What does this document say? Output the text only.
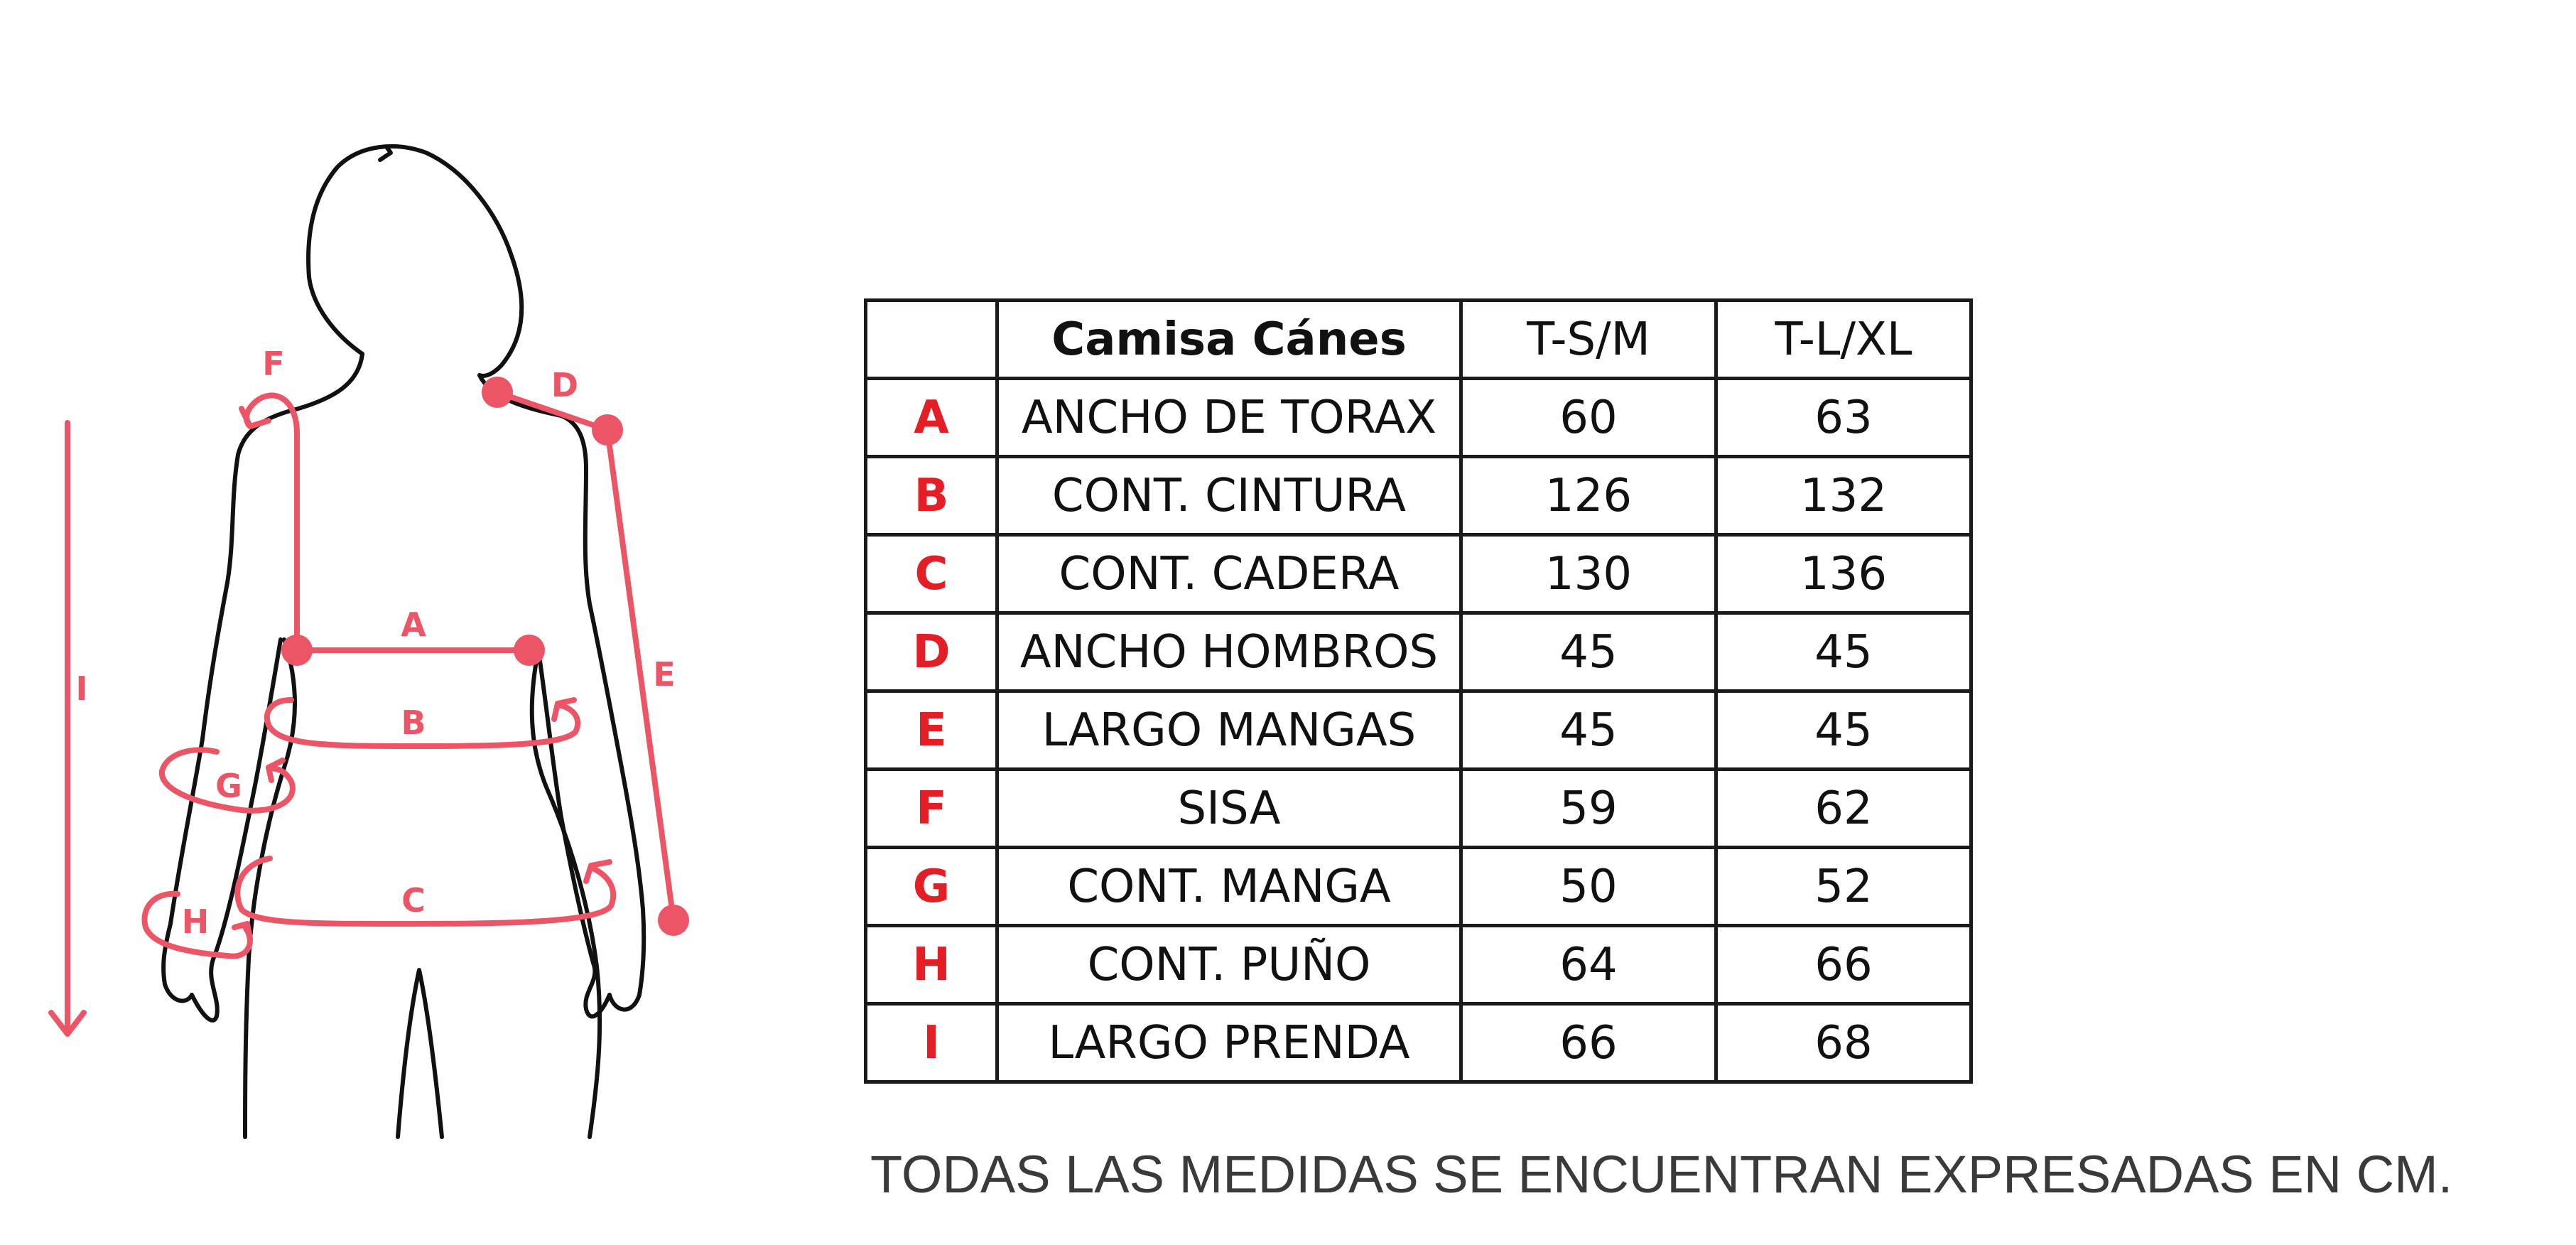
A
B
C
D
E
F
G
H
I
	Camisa Cánes	T-S/M	T-L/XL
A	ANCHO DE TORAX	60	63
B	CONT. CINTURA	126	132
C	CONT. CADERA	130	136
D	ANCHO HOMBROS	45	45
E	LARGO MANGAS	45	45
F	SISA	59	62
G	CONT. MANGA	50	52
H	CONT. PUÑO	64	66
I	LARGO PRENDA	66	68
TODAS LAS MEDIDAS SE ENCUENTRAN EXPRESADAS EN CM.
